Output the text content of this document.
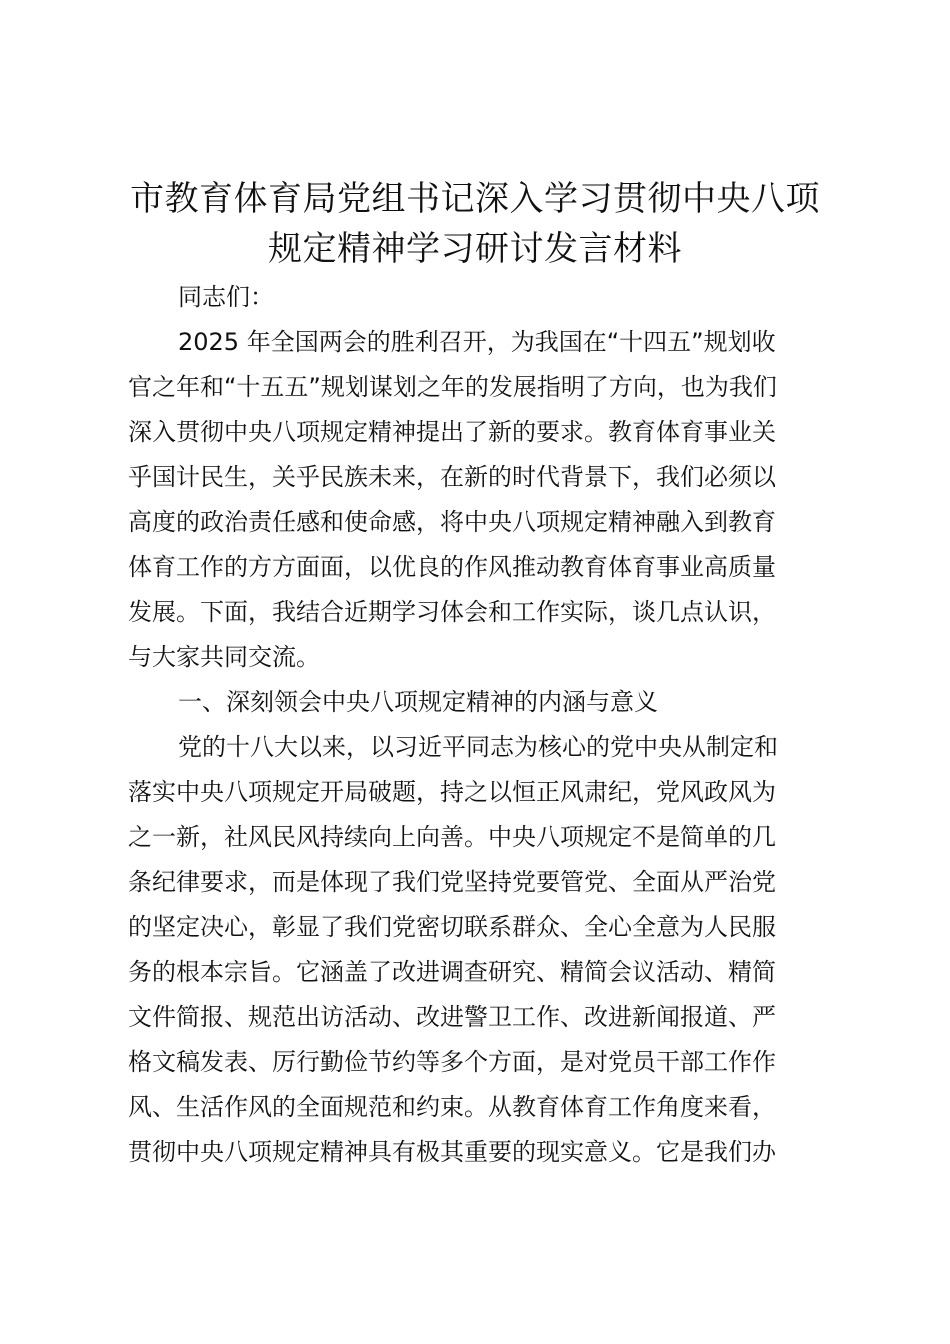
市教育体育局党组书记深入学习贯彻中央八项
规定精神学习研讨发言材料
同志们：
2025 年全国两会的胜利召开，为我国在“十四五”规划收
官之年和“十五五”规划谋划之年的发展指明了方向，也为我们
深入贯彻中央八项规定精神提出了新的要求。教育体育事业关
乎国计民生，关乎民族未来，在新的时代背景下，我们必须以
高度的政治责任感和使命感，将中央八项规定精神融入到教育
体育工作的方方面面，以优良的作风推动教育体育事业高质量
发展。下面，我结合近期学习体会和工作实际，谈几点认识，
与大家共同交流。
一、深刻领会中央八项规定精神的内涵与意义
党的十八大以来，以习近平同志为核心的党中央从制定和
落实中央八项规定开局破题，持之以恒正风肃纪，党风政风为
之一新，社风民风持续向上向善。中央八项规定不是简单的几
条纪律要求，而是体现了我们党坚持党要管党、全面从严治党
的坚定决心，彰显了我们党密切联系群众、全心全意为人民服
务的根本宗旨。它涵盖了改进调查研究、精简会议活动、精简
文件简报、规范出访活动、改进警卫工作、改进新闻报道、严
格文稿发表、厉行勤俭节约等多个方面，是对党员干部工作作
风、生活作风的全面规范和约束。从教育体育工作角度来看，
贯彻中央八项规定精神具有极其重要的现实意义。它是我们办
